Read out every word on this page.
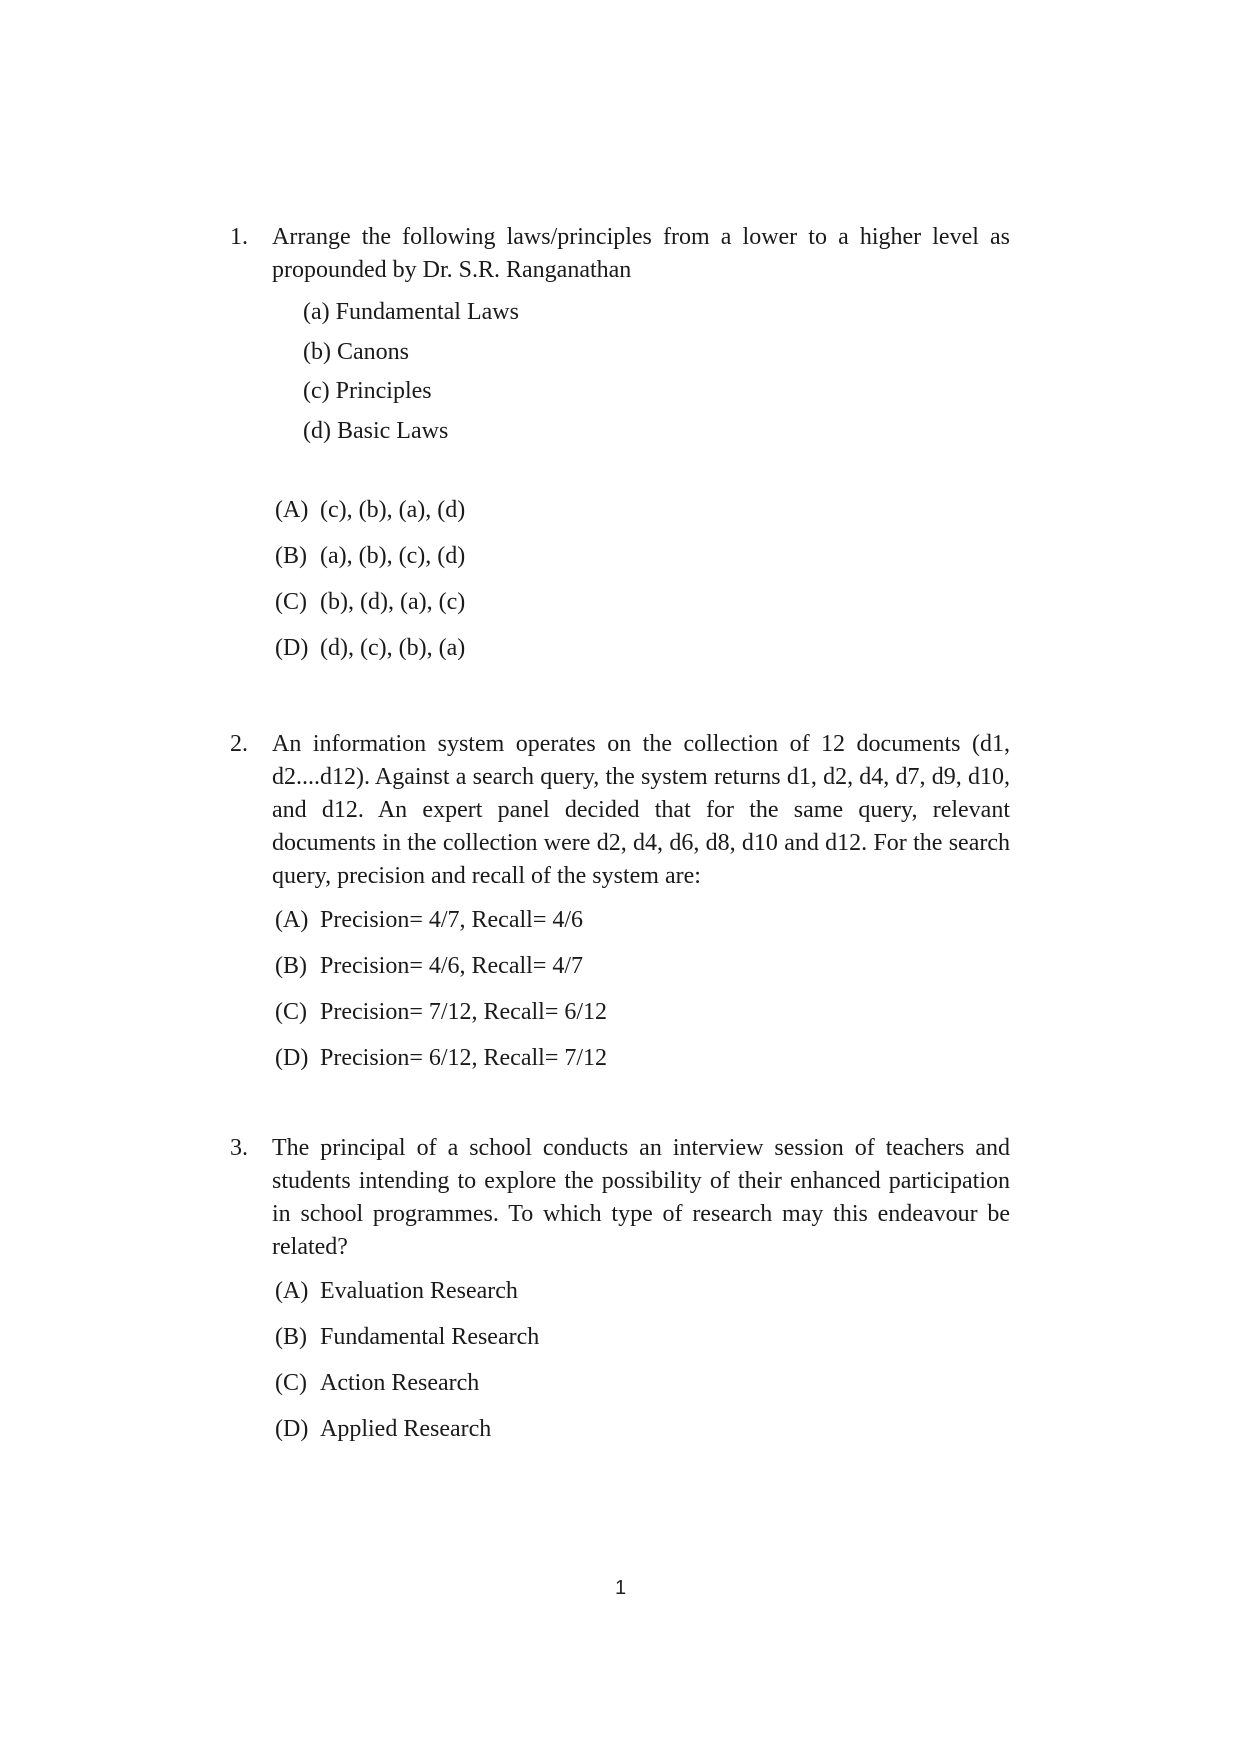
1. Arrange the following laws/principles from a lower to a higher level as propounded by Dr. S.R. Ranganathan
(a) Fundamental Laws
(b) Canons
(c) Principles
(d) Basic Laws
(A) (c), (b), (a), (d)
(B) (a), (b), (c), (d)
(C) (b), (d), (a), (c)
(D) (d), (c), (b), (a)
2. An information system operates on the collection of 12 documents (d1, d2....d12). Against a search query, the system returns d1, d2, d4, d7, d9, d10, and d12. An expert panel decided that for the same query, relevant documents in the collection were d2, d4, d6, d8, d10 and d12. For the search query, precision and recall of the system are:
(A) Precision= 4/7, Recall= 4/6
(B) Precision= 4/6, Recall= 4/7
(C) Precision= 7/12, Recall= 6/12
(D) Precision= 6/12, Recall= 7/12
3. The principal of a school conducts an interview session of teachers and students intending to explore the possibility of their enhanced participation in school programmes. To which type of research may this endeavour be related?
(A) Evaluation Research
(B) Fundamental Research
(C) Action Research
(D) Applied Research
1
